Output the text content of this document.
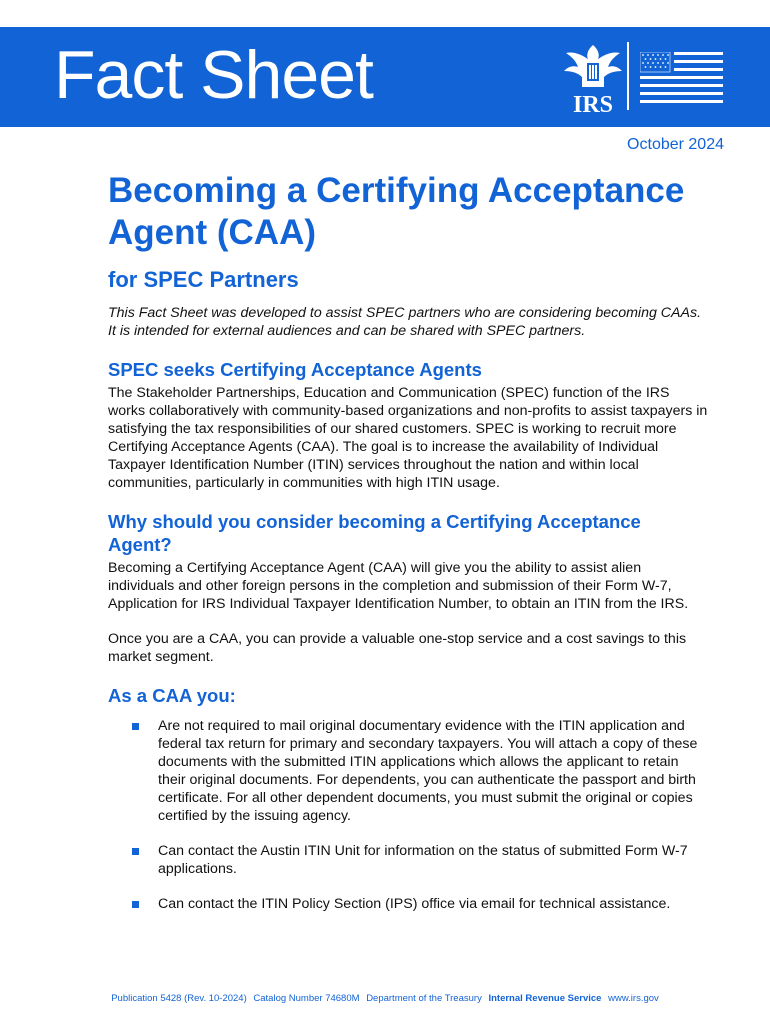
Fact Sheet	IRS
October 2024
Becoming a Certifying Acceptance Agent (CAA)
for SPEC Partners

This Fact Sheet was developed to assist SPEC partners who are considering becoming CAAs. It is intended for external audiences and can be shared with SPEC partners.

SPEC seeks Certifying Acceptance Agents

The Stakeholder Partnerships, Education and Communication (SPEC) function of the IRS works collaboratively with community-based organizations and non-profits to assist taxpayers in satisfying the tax responsibilities of our shared customers. SPEC is working to recruit more Certifying Acceptance Agents (CAA). The goal is to increase the availability of Individual Taxpayer Identification Number (ITIN) services throughout the nation and within local communities, particularly in communities with high ITIN usage.

Why should you consider becoming a Certifying Acceptance Agent?

Becoming a Certifying Acceptance Agent (CAA) will give you the ability to assist alien individuals and other foreign persons in the completion and submission of their Form W-7, Application for IRS Individual Taxpayer Identification Number, to obtain an ITIN from the IRS.

Once you are a CAA, you can provide a valuable one-stop service and a cost savings to this market segment.

As a CAA you:
Are not required to mail original documentary evidence with the ITIN application and federal tax return for primary and secondary taxpayers. You will attach a copy of these documents with the submitted ITIN applications which allows the applicant to retain their original documents. For dependents, you can authenticate the passport and birth certificate. For all other dependent documents, you must submit the original or copies certified by the issuing agency.
Can contact the Austin ITIN Unit for information on the status of submitted Form W-7 applications.
Can contact the ITIN Policy Section (IPS) office via email for technical assistance.
Publication 5428 (Rev. 10-2024) Catalog Number 74680M Department of the Treasury Internal Revenue Service www.irs.gov
